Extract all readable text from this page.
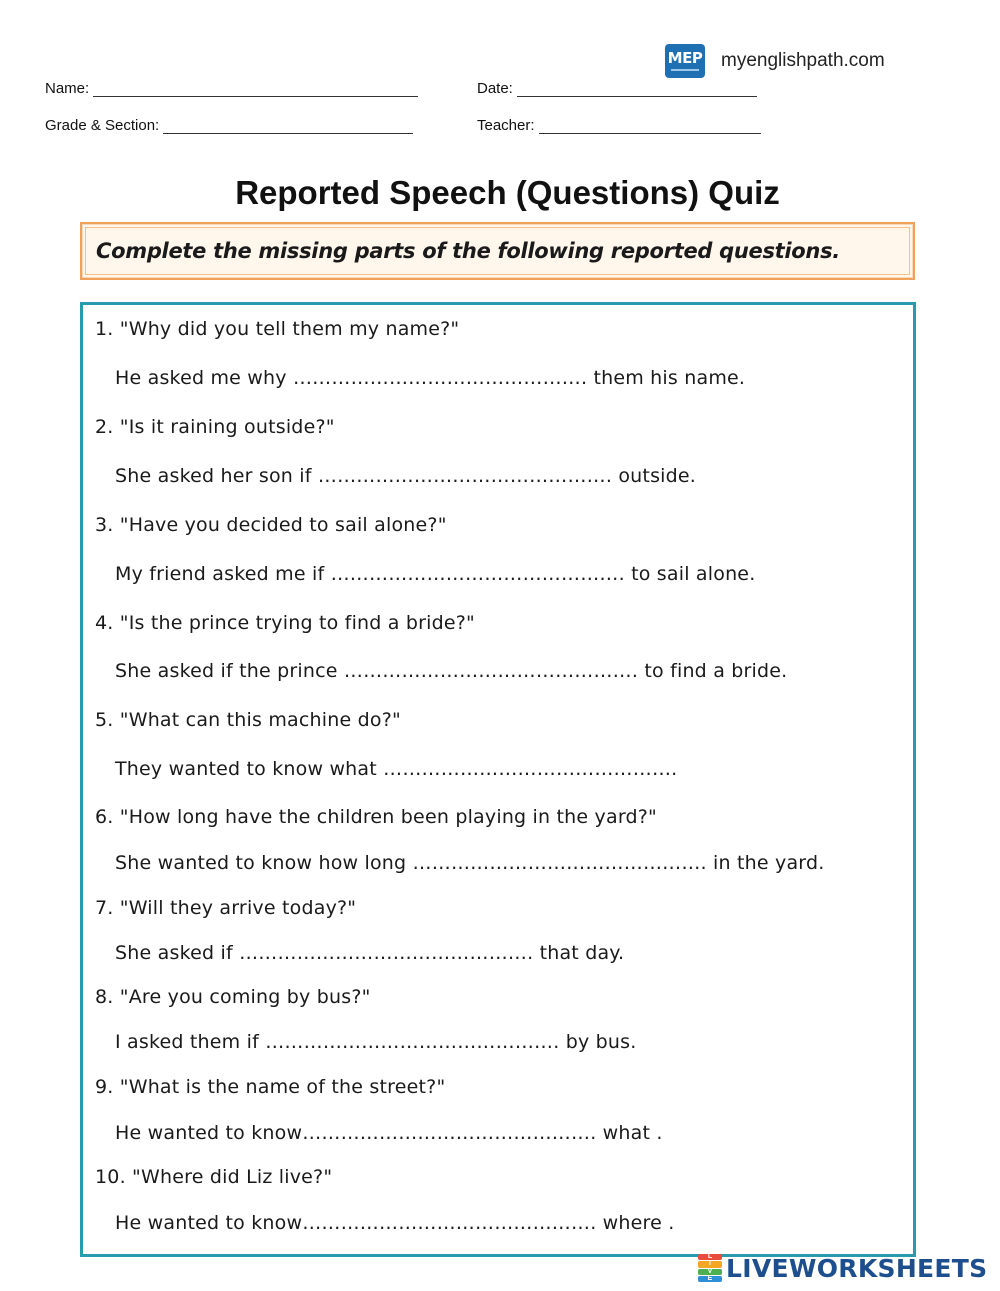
MEP myenglishpath.com
Name:	Date:
Grade & Section:	Teacher:
Reported Speech (Questions) Quiz
Complete the missing parts of the following reported questions.
1. "Why did you tell them my name?"
He asked me why ………………………………………. them his name.
2. "Is it raining outside?"
She asked her son if ………………………………………. outside.
3. "Have you decided to sail alone?"
My friend asked me if ………………………………………. to sail alone.
4. "Is the prince trying to find a bride?"
She asked if the prince ………………………………………. to find a bride.
5. "What can this machine do?"
They wanted to know what ……………………………………….
6. "How long have the children been playing in the yard?"
She wanted to know how long ………………………………………. in the yard.
7. "Will they arrive today?"
She asked if ………………………………………. that day.
8. "Are you coming by bus?"
I asked them if ………………………………………. by bus.
9. "What is the name of the street?"
He wanted to know………………………………………. what .
10. "Where did Liz live?"
He wanted to know………………………………………. where .
L
I
V
E LIVEWORKSHEETS
